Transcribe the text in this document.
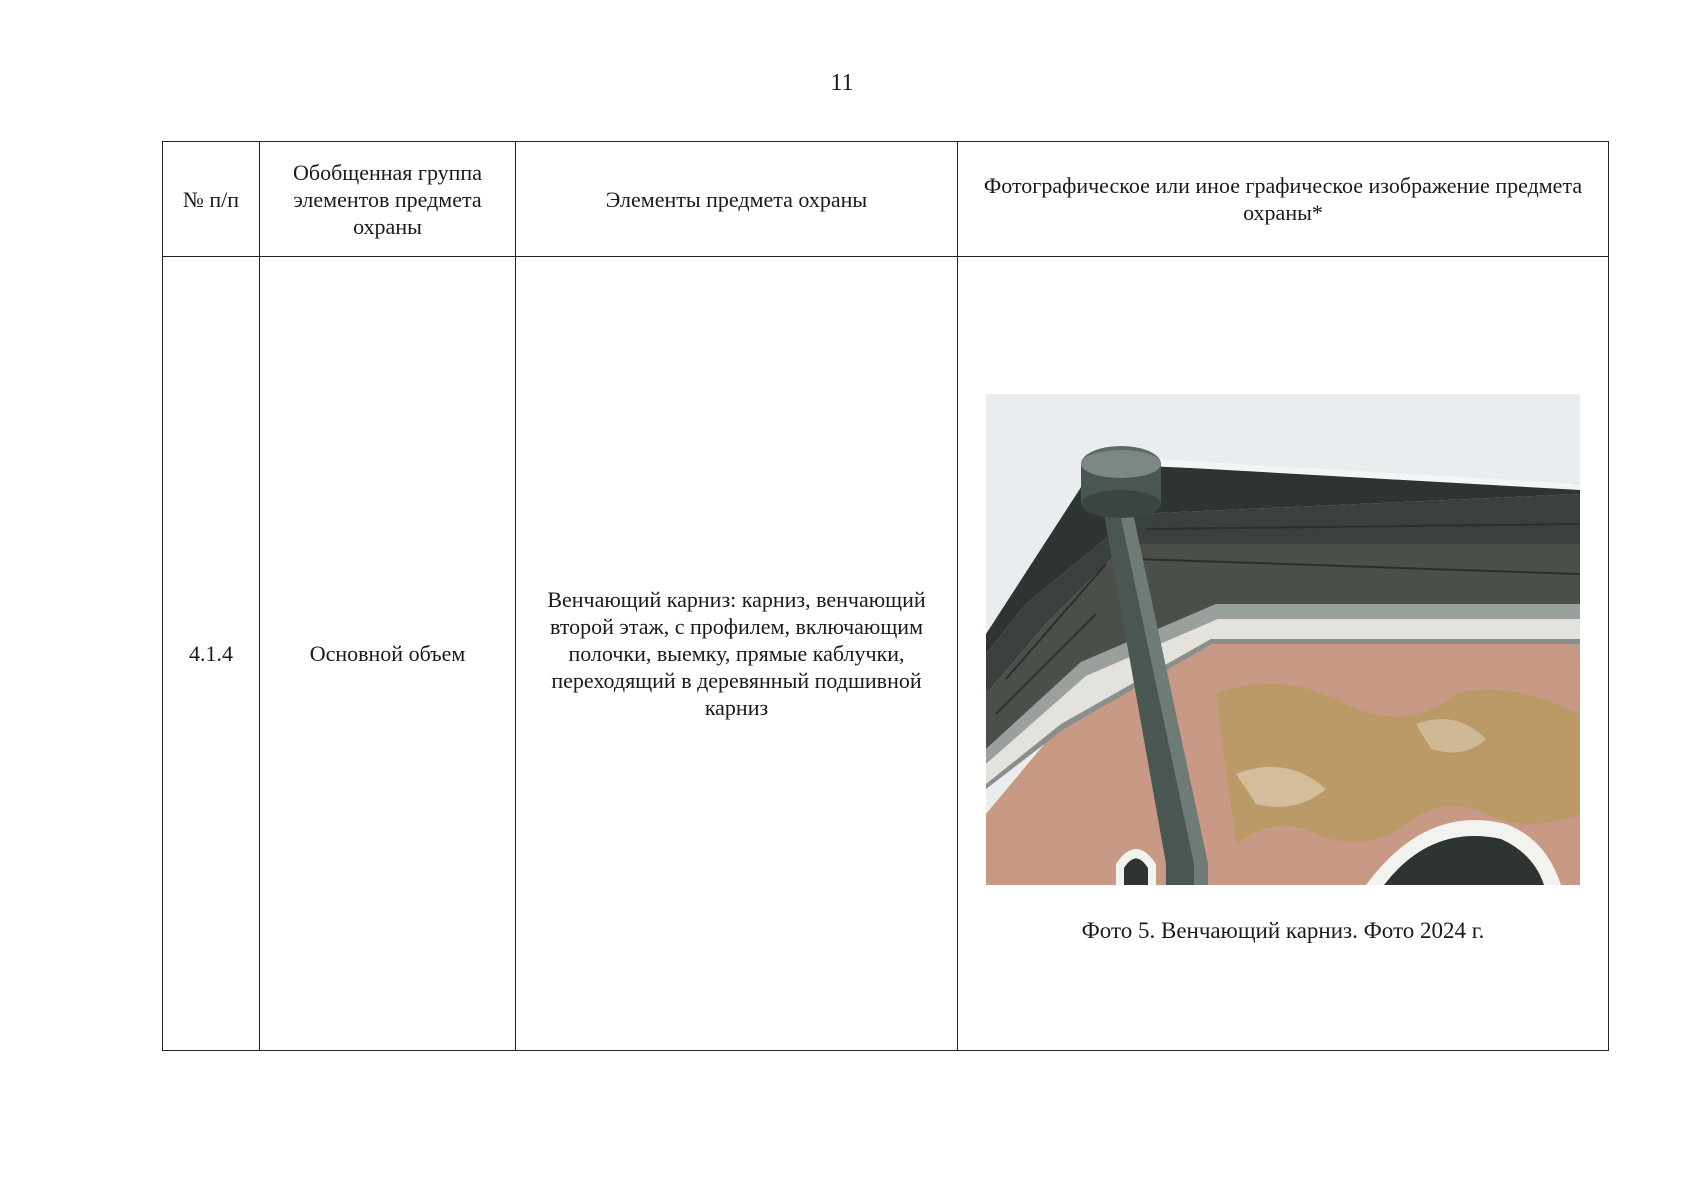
11
№ п/п	Обобщенная группа элементов предмета охраны	Элементы предмета охраны	Фотографическое или иное графическое изображение предмета охраны*
4.1.4	Основной объем	Венчающий карниз: карниз, венчающий второй этаж, с профилем, включающим полочки, выемку, прямые каблучки, переходящий в деревянный подшивной карниз	Фото 5. Венчающий карниз. Фото 2024 г.
